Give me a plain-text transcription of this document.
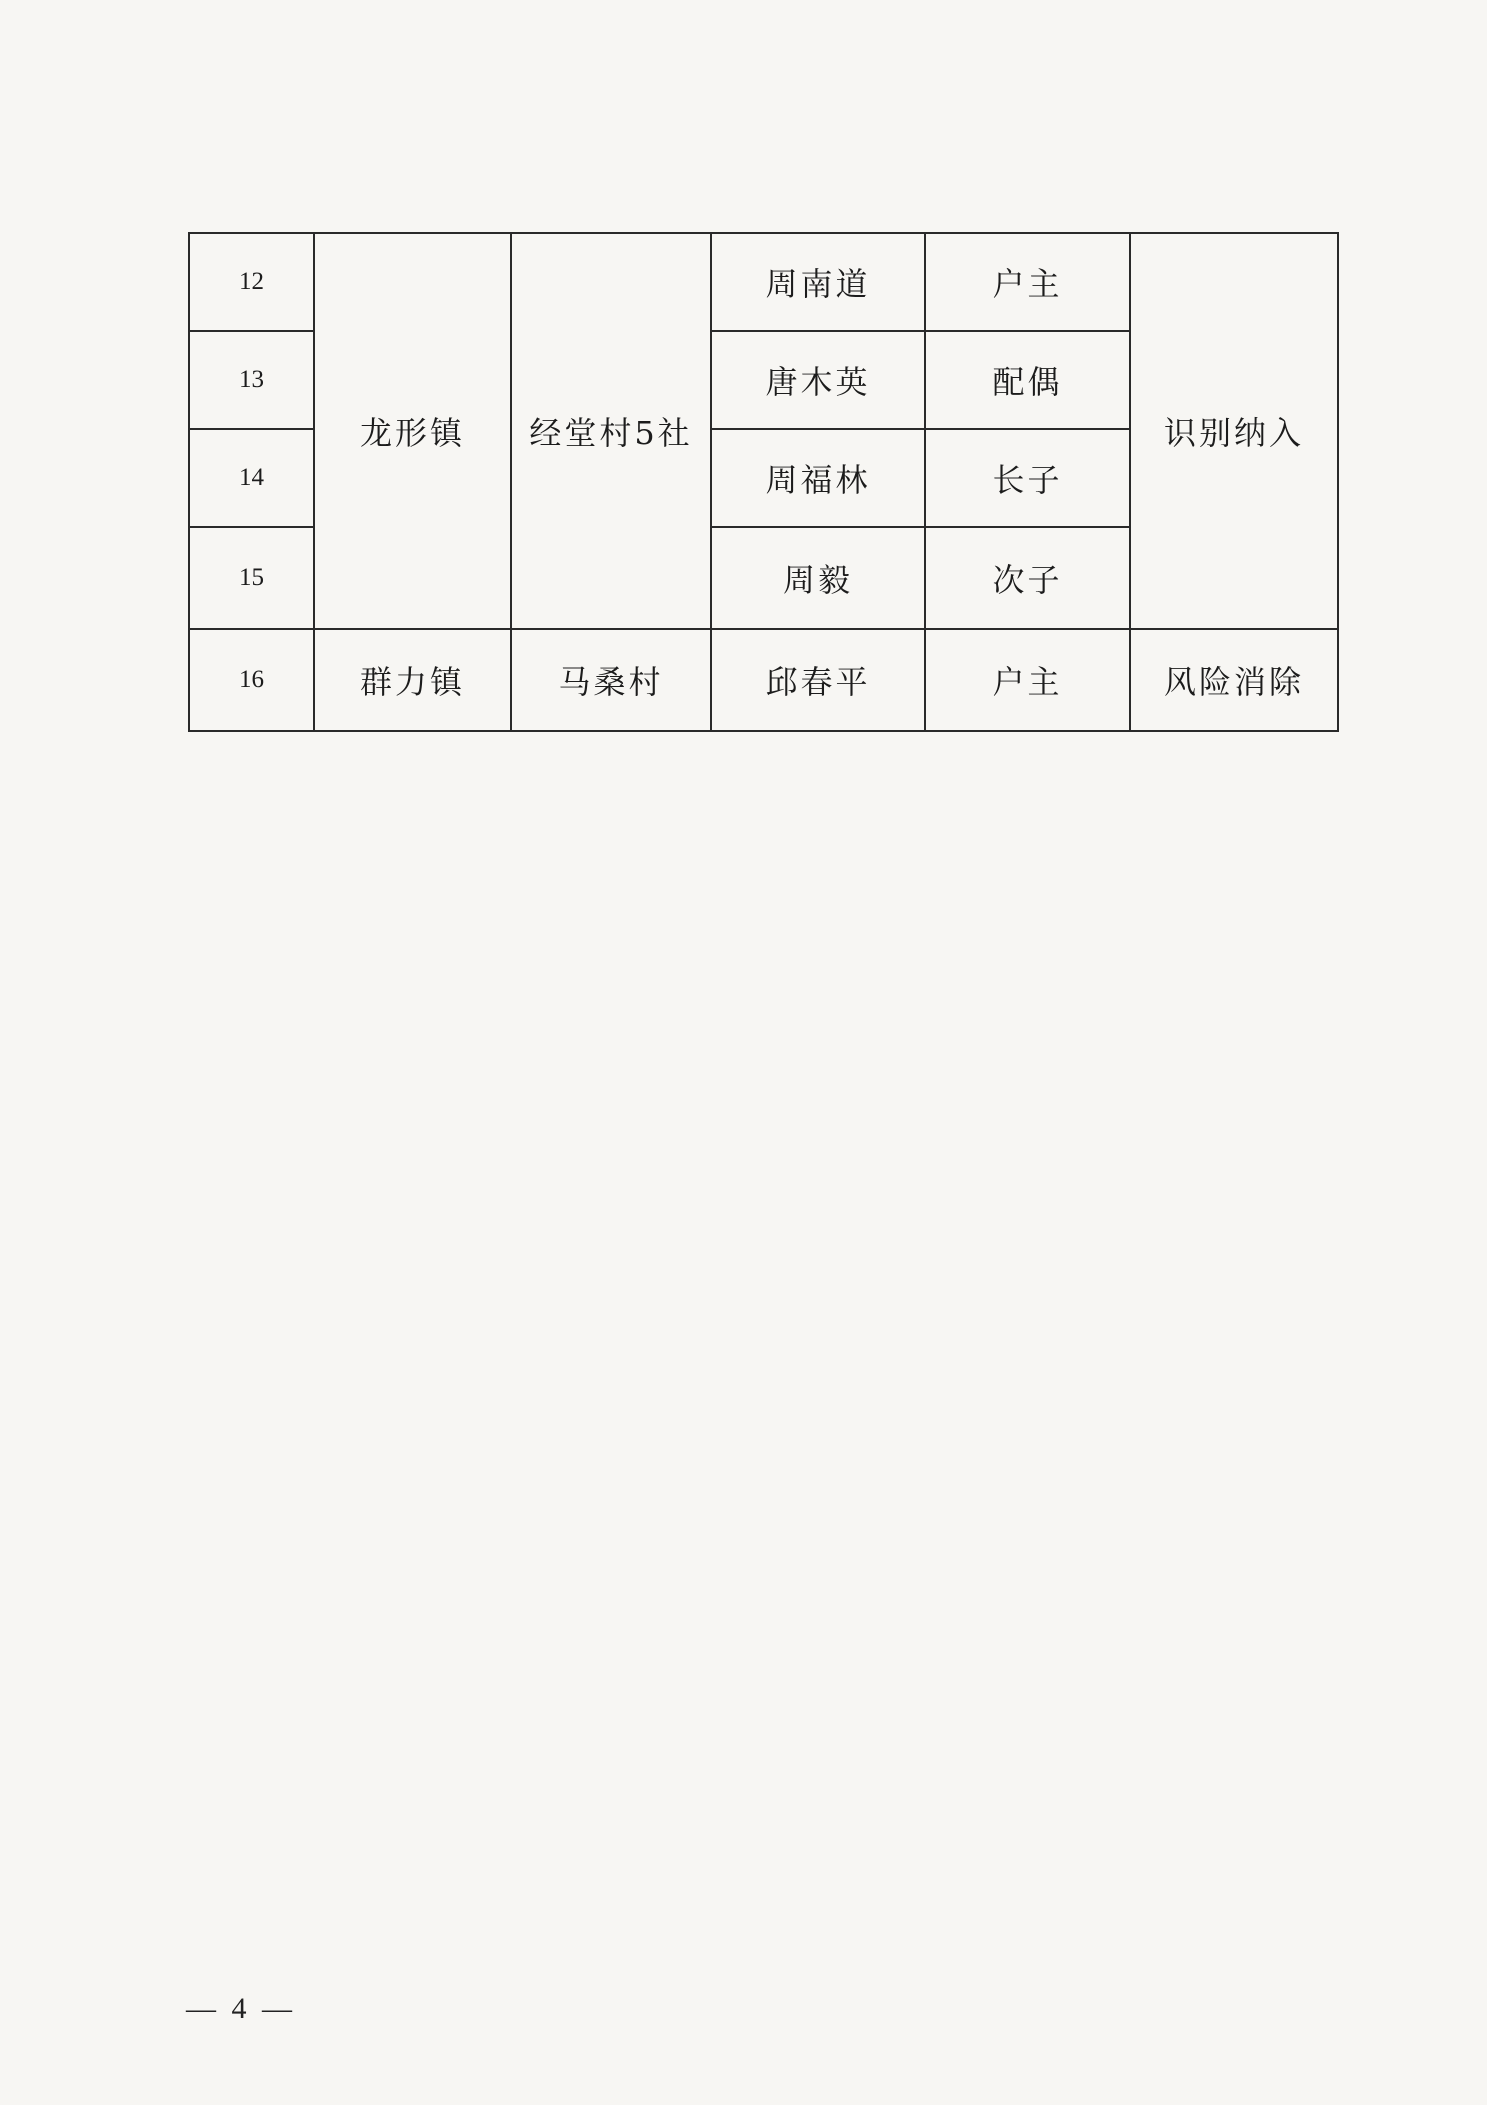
12	龙形镇	经堂村5社	周南道	户主	识别纳入
13			唐木英	配偶	
14			周福林	长子	
15			周毅	次子	
16	群力镇	马桑村	邱春平	户主	风险消除
— 4 —
